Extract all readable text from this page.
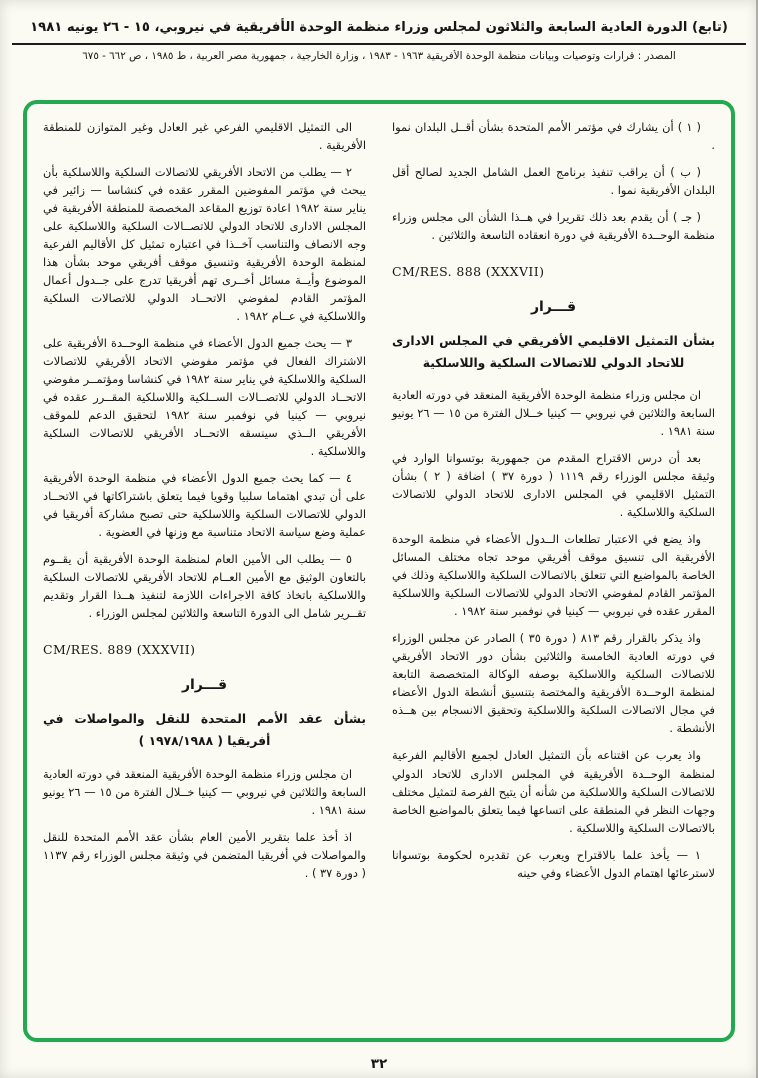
(تابع) الدورة العادية السابعة والثلاثون لمجلس وزراء منظمة الوحدة الأفريقية في نيروبي، ١٥ - ٢٦ يونيه ١٩٨١
المصدر : قرارات وتوصيات وبيانات منظمة الوحدة الأفريقية ١٩٦٣ - ١٩٨٣ ، وزارة الخارجية ، جمهورية مصر العربية ، ط ١٩٨٥ ، ص ٦٦٢ - ٦٧٥
( ١ ) أن يشارك في مؤتمر الأمم المتحدة بشأن أقــل البلدان نموا .
( ب ) أن يراقب تنفيذ برنامج العمل الشامل الجديد لصالح أقل البلدان الأفريقية نموا .
( جـ ) أن يقدم بعد ذلك تقريرا في هــذا الشأن الى مجلس وزراء منظمة الوحــدة الأفريقية في دورة انعقاده التاسعة والثلاثين .
CM/RES. 888 (XXXVII)
قـــرار
بشأن التمثيل الاقليمي الأفريقي في المجلس الادارى للاتحاد الدولي للاتصالات السلكية واللاسلكية
ان مجلس وزراء منظمة الوحدة الأفريقية المنعقد في دورته العادية السابعة والثلاثين في نيروبي — كينيا خــلال الفترة من ١٥ — ٢٦ يونيو سنة ١٩٨١ .
بعد أن درس الاقتراح المقدم من جمهورية بوتسوانا الوارد في وثيقة مجلس الوزراء رقم ١١١٩ ( دورة ٣٧ ) اضافة ( ٢ ) بشأن التمثيل الاقليمي في المجلس الادارى للاتحاد الدولي للاتصالات السلكية واللاسلكية .
واذ يضع في الاعتبار تطلعات الــدول الأعضاء في منظمة الوحدة الأفريقية الى تنسيق موقف أفريقي موحد تجاه مختلف المسائل الخاصة بالمواضيع التي تتعلق بالاتصالات السلكية واللاسلكية وذلك في المؤتمر القادم لمفوضي الاتحاد الدولي للاتصالات السلكية واللاسلكية المقرر عقده في نيروبي — كينيا في نوفمبر سنة ١٩٨٢ .
واذ يذكر بالقرار رقم ٨١٣ ( دورة ٣٥ ) الصادر عن مجلس الوزراء في دورته العادية الخامسة والثلاثين بشأن دور الاتحاد الأفريقي للاتصالات السلكية واللاسلكية بوصفه الوكالة المتخصصة التابعة لمنظمة الوحــدة الأفريقية والمختصة بتنسيق أنشطة الدول الأعضاء في مجال الاتصالات السلكية واللاسلكية وتحقيق الانسجام بين هــذه الأنشطة .
واذ يعرب عن اقتناعه بأن التمثيل العادل لجميع الأقاليم الفرعية لمنظمة الوحــدة الأفريقية في المجلس الادارى للاتحاد الدولي للاتصالات السلكية واللاسلكية من شأنه أن يتيح الفرصة لتمثيل مختلف وجهات النظر في المنطقة على اتساعها فيما يتعلق بالمواضيع الخاصة بالاتصالات السلكية واللاسلكية .
١ — يأخذ علما بالاقتراح ويعرب عن تقديره لحكومة بوتسوانا لاسترعائها اهتمام الدول الأعضاء وفي حينه
الى التمثيل الاقليمي الفرعي غير العادل وغير المتوازن للمنطقة الأفريقية .
٢ — يطلب من الاتحاد الأفريقي للاتصالات السلكية واللاسلكية بأن يبحث في مؤتمر المفوضين المقرر عقده في كنشاسا — زائير في يناير سنة ١٩٨٢ اعادة توزيع المقاعد المخصصة للمنطقة الأفريقية في المجلس الادارى للاتحاد الدولي للاتصــالات السلكية واللاسلكية على وجه الانصاف والتناسب آخــذا في اعتباره تمثيل كل الأقاليم الفرعية لمنظمة الوحدة الأفريقية وتنسيق موقف أفريقي موحد بشأن هذا الموضوع وأيــة مسائل أخــرى تهم أفريقيا تدرج على جــدول أعمال المؤتمر القادم لمفوضي الاتحــاد الدولي للاتصالات السلكية واللاسلكية في عــام ١٩٨٢ .
٣ — يحث جميع الدول الأعضاء في منظمة الوحــدة الأفريقية على الاشتراك الفعال في مؤتمر مفوضي الاتحاد الأفريقي للاتصالات السلكية واللاسلكية في يناير سنة ١٩٨٢ في كنشاسا ومؤتمــر مفوضي الاتحــاد الدولي للاتصــالات الســلكية واللاسلكية المقــرر عقده في نيروبي — كينيا في نوفمبر سنة ١٩٨٢ لتحقيق الدعم للموقف الأفريقي الــذي سينسقه الاتحــاد الأفريقي للاتصالات السلكية واللاسلكية .
٤ — كما يحث جميع الدول الأعضاء في منظمة الوحدة الأفريقية على أن تبدي اهتماما سلبيا وقويا فيما يتعلق باشتراكاتها في الاتحــاد الدولي للاتصالات السلكية واللاسلكية حتى تصبح مشاركة أفريقيا في عملية وضع سياسة الاتحاد متناسبة مع وزنها في العضوية .
٥ — يطلب الى الأمين العام لمنظمة الوحدة الأفريقية أن يقــوم بالتعاون الوثيق مع الأمين العــام للاتحاد الأفريقي للاتصالات السلكية واللاسلكية باتخاذ كافة الاجراءات اللازمة لتنفيذ هــذا القرار وتقديم تقــرير شامل الى الدورة التاسعة والثلاثين لمجلس الوزراء .
CM/RES. 889 (XXXVII)
قـــرار
بشأن عقد الأمم المتحدة للنقل والمواصلات في أفريقيا ( ١٩٧٨/١٩٨٨ )
ان مجلس وزراء منظمة الوحدة الأفريقية المنعقد في دورته العادية السابعة والثلاثين في نيروبي — كينيا خــلال الفترة من ١٥ — ٢٦ يونيو سنة ١٩٨١ .
اذ أخذ علما بتقرير الأمين العام بشأن عقد الأمم المتحدة للنقل والمواصلات في أفريقيا المتضمن في وثيقة مجلس الوزراء رقم ١١٣٧ ( دورة ٣٧ ) .
٣٢
